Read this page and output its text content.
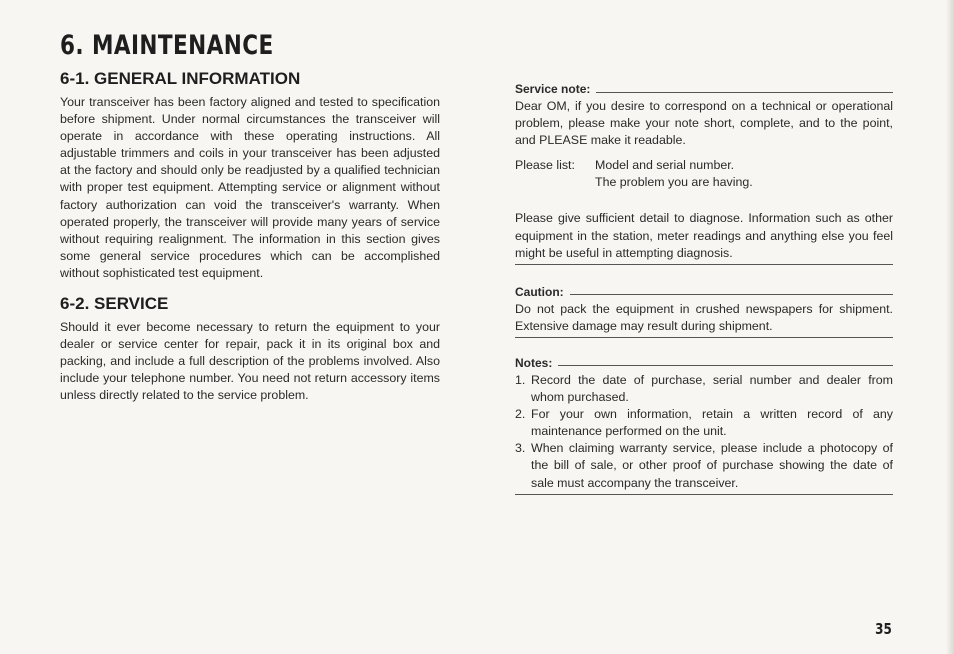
6. MAINTENANCE
6-1. GENERAL INFORMATION

Your transceiver has been factory aligned and tested to specification before shipment. Under normal circumstances the transceiver will operate in accordance with these operating instructions. All adjustable trimmers and coils in your transceiver has been adjusted at the factory and should only be readjusted by a qualified technician with proper test equipment. Attempting service or alignment without factory authorization can void the transceiver's warranty. When operated properly, the transceiver will provide many years of service without requiring realignment. The information in this section gives some general service procedures which can be accomplished without sophisticated test equipment.

6-2. SERVICE

Should it ever become necessary to return the equipment to your dealer or service center for repair, pack it in its original box and packing, and include a full description of the problems involved. Also include your telephone number. You need not return accessory items unless directly related to the service problem.

Service note:

Dear OM, if you desire to correspond on a technical or operational problem, please make your note short, complete, and to the point, and PLEASE make it readable.

Please list:	Model and serial number.
The problem you are having.

Please give sufficient detail to diagnose. Information such as other equipment in the station, meter readings and anything else you feel might be useful in attempting diagnosis.

Caution:

Do not pack the equipment in crushed newspapers for shipment. Extensive damage may result during shipment.

Notes:
1. Record the date of purchase, serial number and dealer from whom purchased.
2. For your own information, retain a written record of any maintenance performed on the unit.
3. When claiming warranty service, please include a photocopy of the bill of sale, or other proof of purchase showing the date of sale must accompany the transceiver.
35
